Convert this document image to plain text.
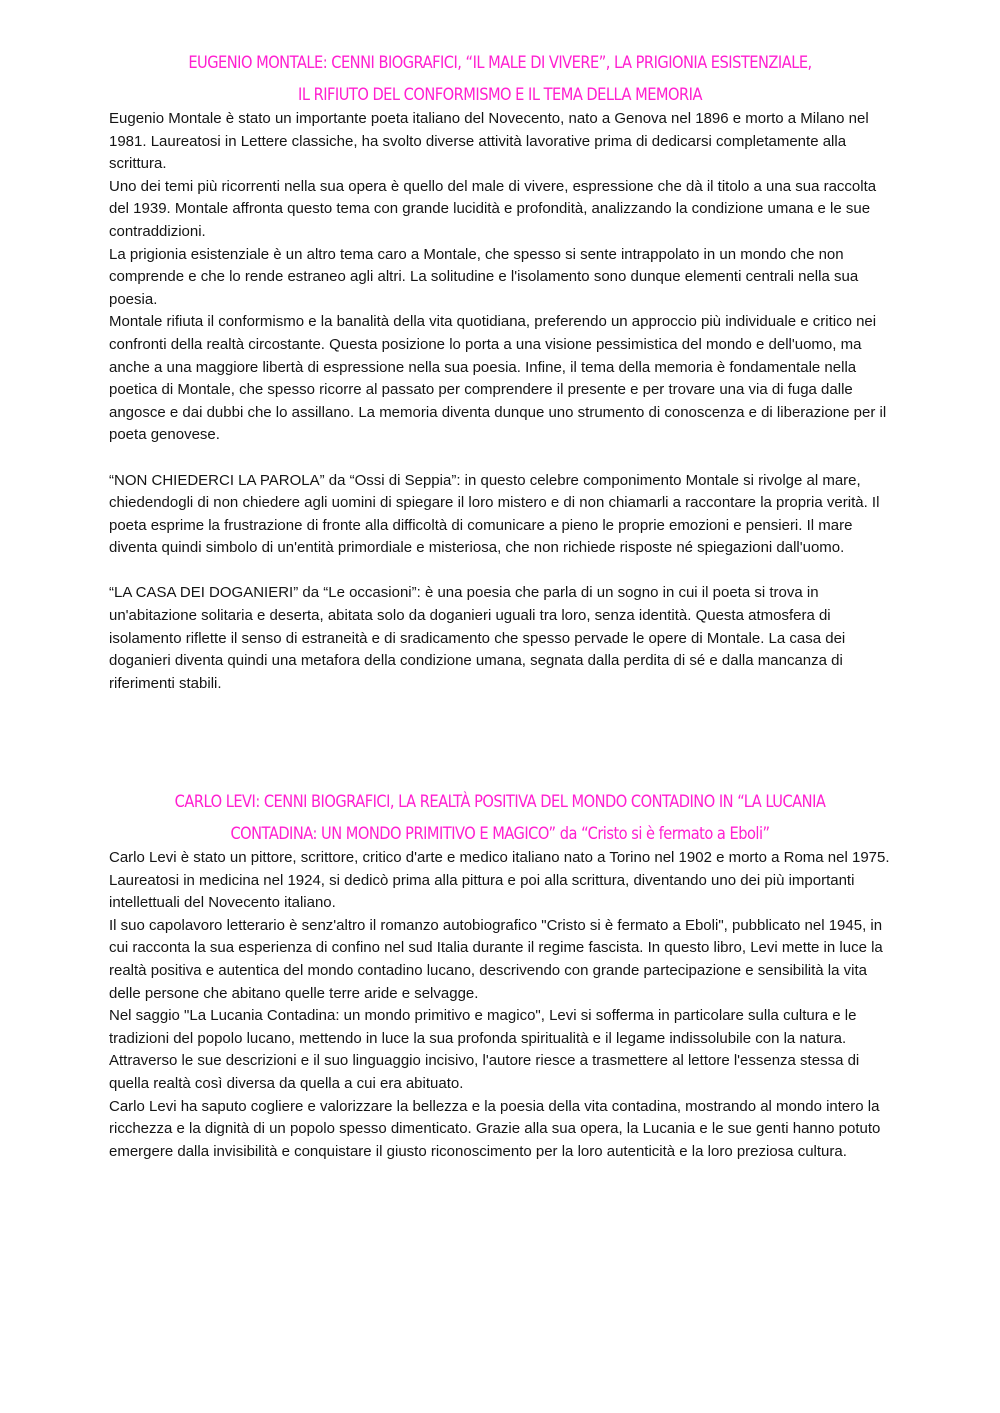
EUGENIO MONTALE: CENNI BIOGRAFICI, “IL MALE DI VIVERE”, LA PRIGIONIA ESISTENZIALE,
IL RIFIUTO DEL CONFORMISMO E IL TEMA DELLA MEMORIA

Eugenio Montale è stato un importante poeta italiano del Novecento, nato a Genova nel 1896 e morto a Milano nel 1981. Laureatosi in Lettere classiche, ha svolto diverse attività lavorative prima di dedicarsi completamente alla scrittura.

Uno dei temi più ricorrenti nella sua opera è quello del male di vivere, espressione che dà il titolo a una sua raccolta del 1939. Montale affronta questo tema con grande lucidità e profondità, analizzando la condizione umana e le sue contraddizioni.

La prigionia esistenziale è un altro tema caro a Montale, che spesso si sente intrappolato in un mondo che non comprende e che lo rende estraneo agli altri. La solitudine e l'isolamento sono dunque elementi centrali nella sua poesia.

Montale rifiuta il conformismo e la banalità della vita quotidiana, preferendo un approccio più individuale e critico nei confronti della realtà circostante. Questa posizione lo porta a una visione pessimistica del mondo e dell'uomo, ma anche a una maggiore libertà di espressione nella sua poesia. Infine, il tema della memoria è fondamentale nella poetica di Montale, che spesso ricorre al passato per comprendere il presente e per trovare una via di fuga dalle angosce e dai dubbi che lo assillano. La memoria diventa dunque uno strumento di conoscenza e di liberazione per il poeta genovese.

“NON CHIEDERCI LA PAROLA” da “Ossi di Seppia”: in questo celebre componimento Montale si rivolge al mare, chiedendogli di non chiedere agli uomini di spiegare il loro mistero e di non chiamarli a raccontare la propria verità. Il poeta esprime la frustrazione di fronte alla difficoltà di comunicare a pieno le proprie emozioni e pensieri. Il mare diventa quindi simbolo di un'entità primordiale e misteriosa, che non richiede risposte né spiegazioni dall'uomo.

“LA CASA DEI DOGANIERI” da “Le occasioni”: è una poesia che parla di un sogno in cui il poeta si trova in un'abitazione solitaria e deserta, abitata solo da doganieri uguali tra loro, senza identità. Questa atmosfera di isolamento riflette il senso di estraneità e di sradicamento che spesso pervade le opere di Montale. La casa dei doganieri diventa quindi una metafora della condizione umana, segnata dalla perdita di sé e dalla mancanza di riferimenti stabili.

CARLO LEVI: CENNI BIOGRAFICI, LA REALTÀ POSITIVA DEL MONDO CONTADINO IN “LA LUCANIA
CONTADINA: UN MONDO PRIMITIVO E MAGICO” da “Cristo si è fermato a Eboli”

Carlo Levi è stato un pittore, scrittore, critico d'arte e medico italiano nato a Torino nel 1902 e morto a Roma nel 1975. Laureatosi in medicina nel 1924, si dedicò prima alla pittura e poi alla scrittura, diventando uno dei più importanti intellettuali del Novecento italiano.

Il suo capolavoro letterario è senz'altro il romanzo autobiografico "Cristo si è fermato a Eboli", pubblicato nel 1945, in cui racconta la sua esperienza di confino nel sud Italia durante il regime fascista. In questo libro, Levi mette in luce la realtà positiva e autentica del mondo contadino lucano, descrivendo con grande partecipazione e sensibilità la vita delle persone che abitano quelle terre aride e selvagge.

Nel saggio "La Lucania Contadina: un mondo primitivo e magico", Levi si sofferma in particolare sulla cultura e le tradizioni del popolo lucano, mettendo in luce la sua profonda spiritualità e il legame indissolubile con la natura. Attraverso le sue descrizioni e il suo linguaggio incisivo, l'autore riesce a trasmettere al lettore l'essenza stessa di quella realtà così diversa da quella a cui era abituato.

Carlo Levi ha saputo cogliere e valorizzare la bellezza e la poesia della vita contadina, mostrando al mondo intero la ricchezza e la dignità di un popolo spesso dimenticato. Grazie alla sua opera, la Lucania e le sue genti hanno potuto emergere dalla invisibilità e conquistare il giusto riconoscimento per la loro autenticità e la loro preziosa cultura.
